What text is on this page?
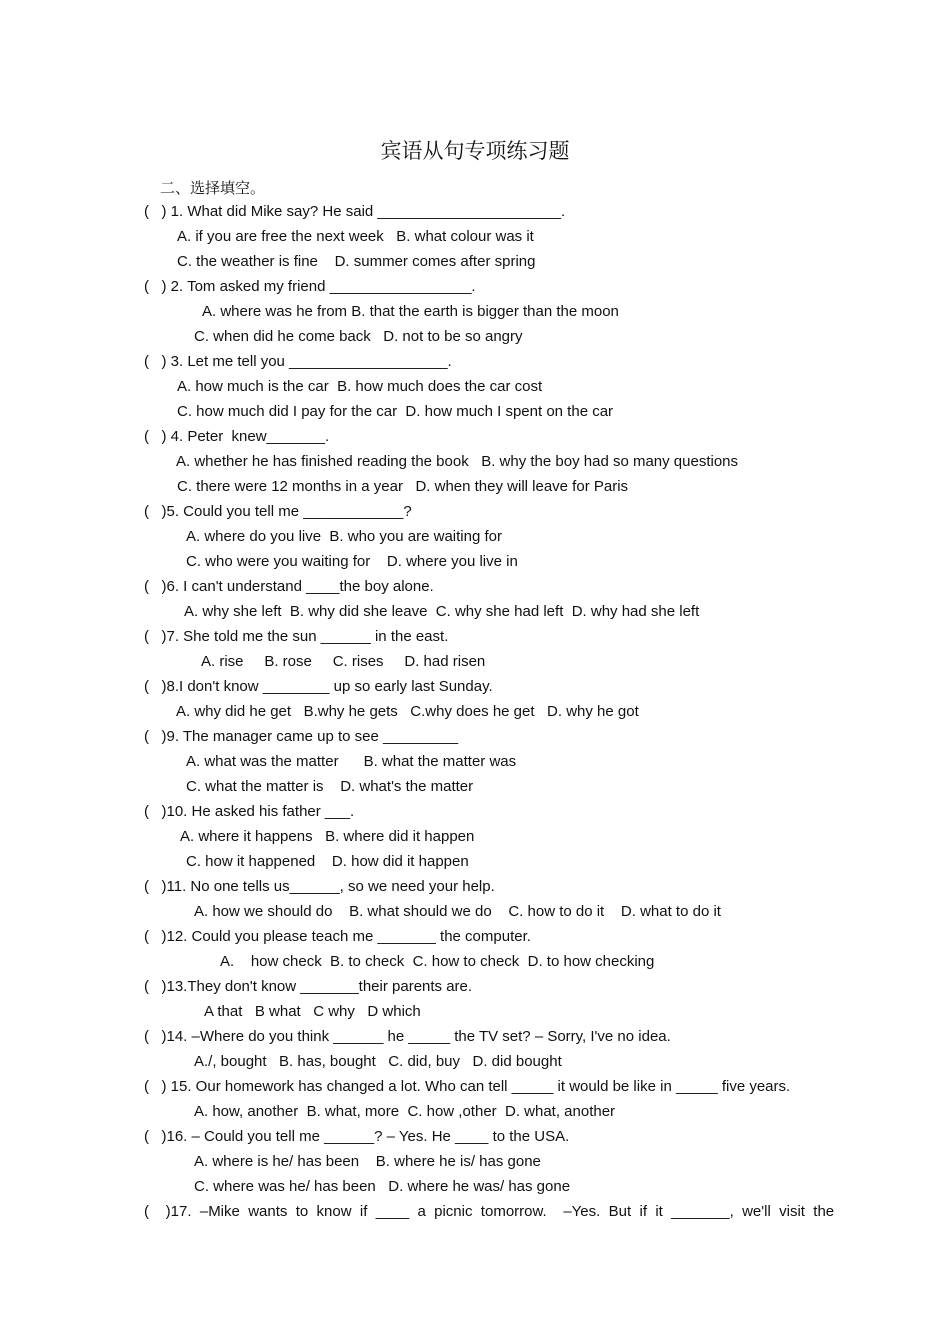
宾语从句专项练习题
二、选择填空。
(   ) 1. What did Mike say? He said ______________________.
A. if you are free the next week   B. what colour was it
C. the weather is fine    D. summer comes after spring
(   ) 2. Tom asked my friend _________________.
A. where was he from B. that the earth is bigger than the moon
C. when did he come back   D. not to be so angry
(   ) 3. Let me tell you ___________________.
A. how much is the car  B. how much does the car cost
C. how much did I pay for the car  D. how much I spent on the car
(   ) 4. Peter  knew_______.
A. whether he has finished reading the book   B. why the boy had so many questions
C. there were 12 months in a year   D. when they will leave for Paris
(   )5. Could you tell me ____________?
A. where do you live  B. who you are waiting for
C. who were you waiting for    D. where you live in
(   )6. I can't understand ____the boy alone.
A. why she left  B. why did she leave  C. why she had left  D. why had she left
(   )7. She told me the sun ______ in the east.
A. rise     B. rose     C. rises     D. had risen
(   )8.I don't know ________ up so early last Sunday.
A. why did he get   B.why he gets   C.why does he get   D. why he got
(   )9. The manager came up to see _________
A. what was the matter      B. what the matter was
C. what the matter is    D. what's the matter
(   )10. He asked his father ___.
A. where it happens   B. where did it happen
C. how it happened    D. how did it happen
(   )11. No one tells us______, so we need your help.
A. how we should do    B. what should we do    C. how to do it    D. what to do it
(   )12. Could you please teach me _______ the computer.
A.    how check  B. to check  C. how to check  D. to how checking
(   )13.They don't know _______their parents are.
A that   B what   C why   D which
(   )14. –Where do you think ______ he _____ the TV set? – Sorry, I've no idea.
A./, bought   B. has, bought   C. did, buy   D. did bought
(   ) 15. Our homework has changed a lot. Who can tell _____ it would be like in _____ five years.
A. how, another  B. what, more  C. how ,other  D. what, another
(   )16. – Could you tell me ______? – Yes. He ____ to the USA.
A. where is he/ has been    B. where he is/ has gone
C. where was he/ has been   D. where he was/ has gone
(    )17.  –Mike  wants  to  know  if  ____  a  picnic  tomorrow.    –Yes.  But  if  it  _______,  we'll  visit  the
